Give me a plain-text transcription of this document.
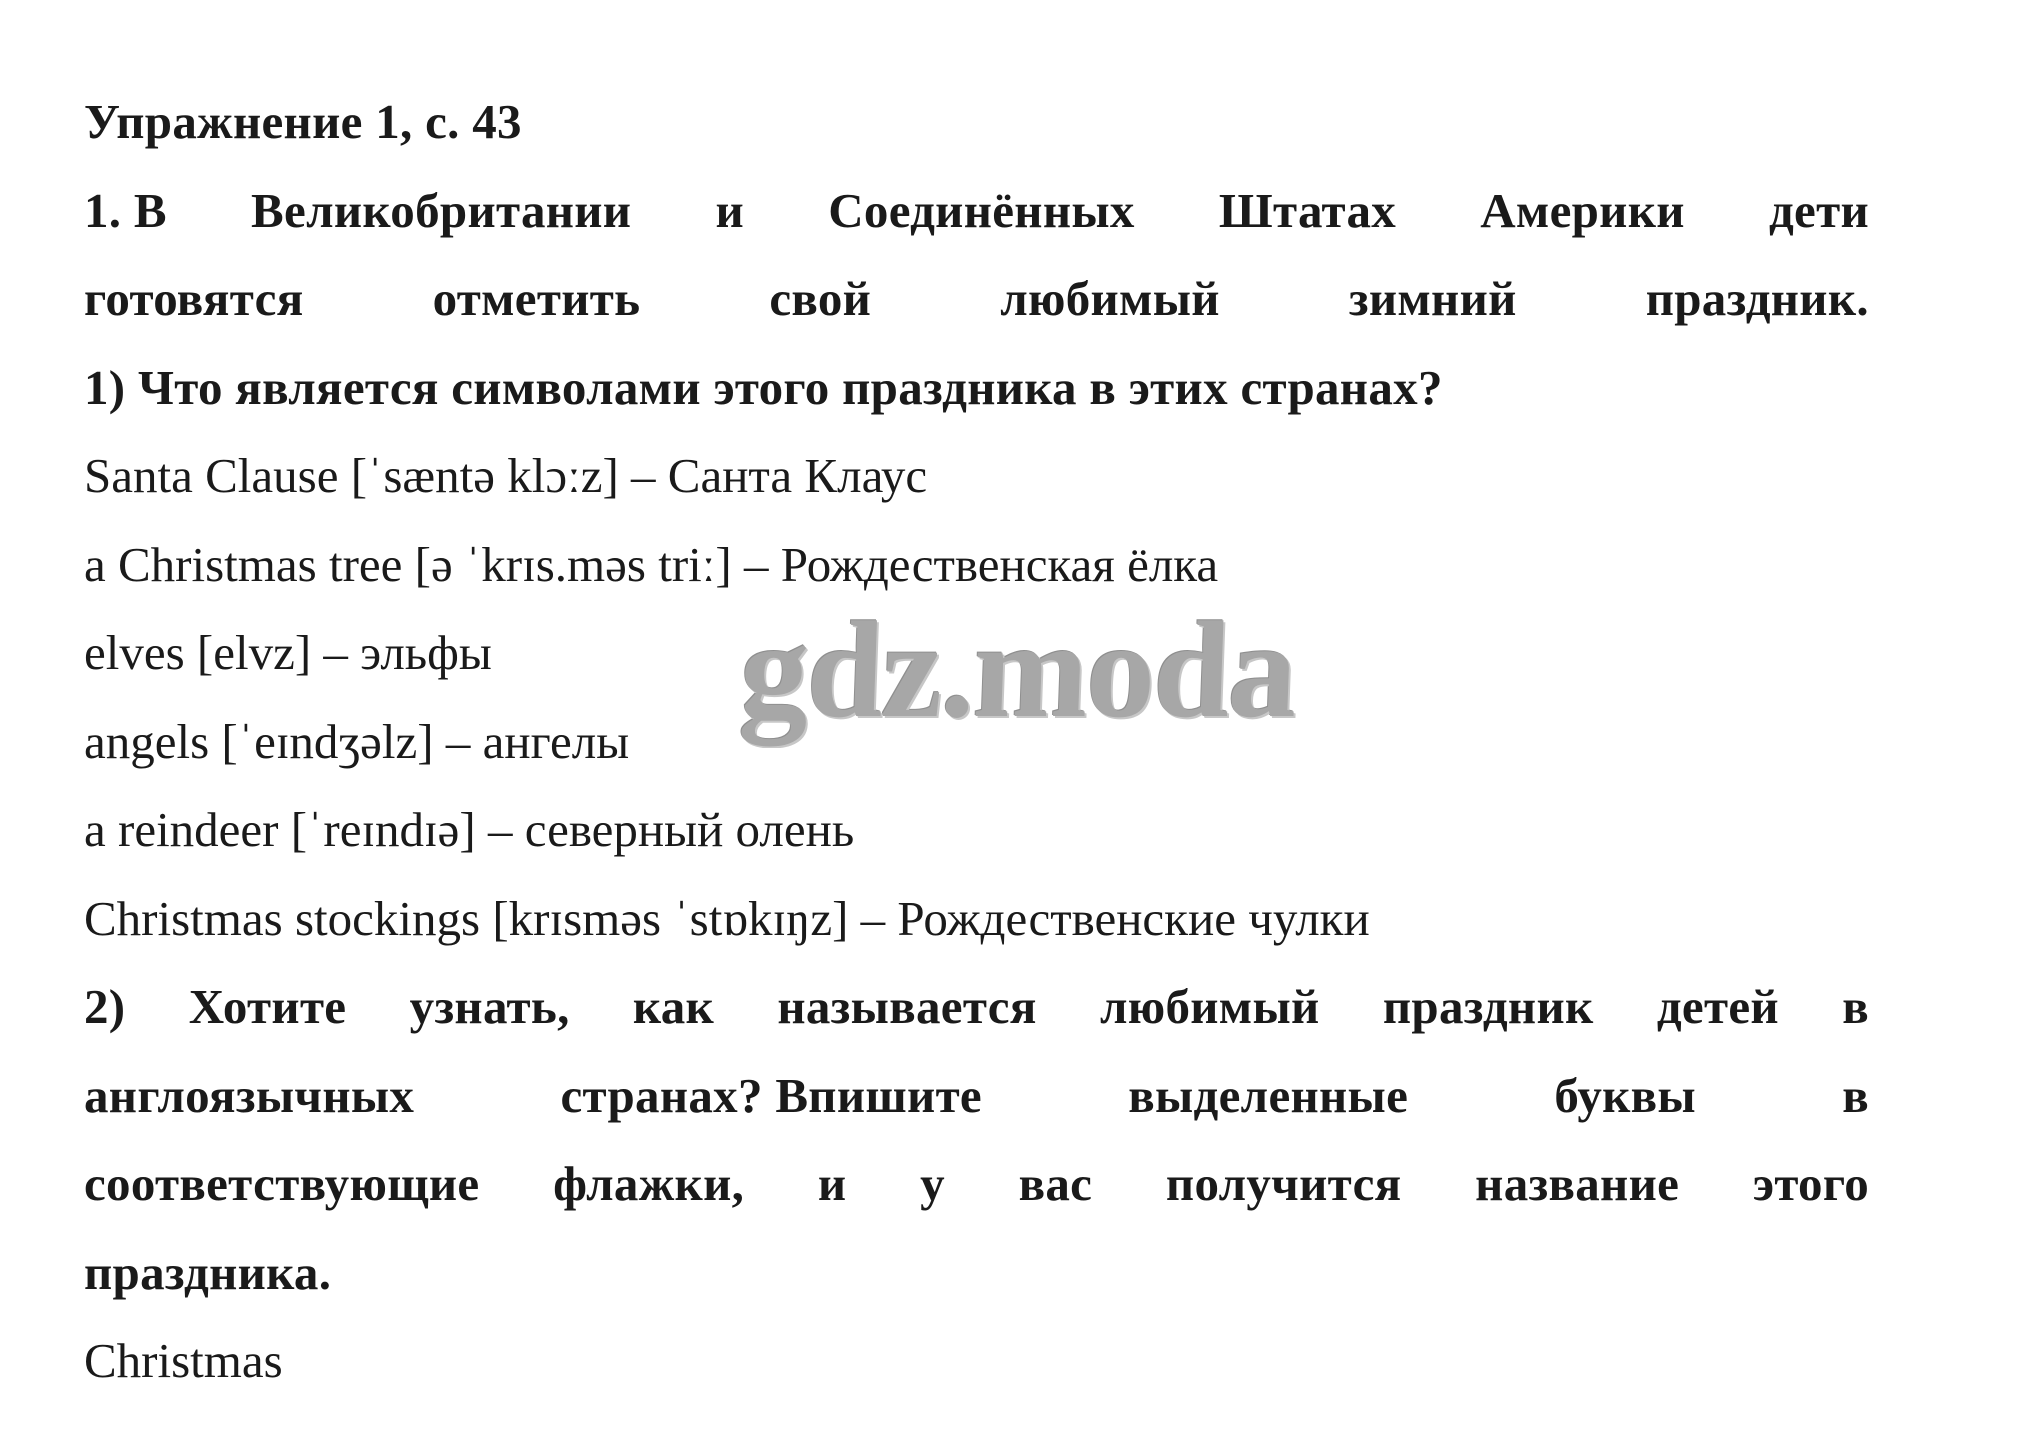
Упражнение 1, с. 43
1. В Великобритании и Соединённых Штатах Америки дети
готовятся	отметить	свой	любимый	зимний	праздник.
1) Что является символами этого праздника в этих странах?
Santa Clause [ˈsæntə klɔːz] – Санта Клаус
a Christmas tree [ə ˈkrɪs.məs triː] – Рождественская ёлка
elves [elvz] – эльфы
angels [ˈeɪndʒəlz] – ангелы
a reindeer [ˈreɪndɪə] – северный олень
Christmas stockings [krɪsməs ˈstɒkɪŋz] – Рождественские чулки
2) Хотите узнать, как называется любимый праздник детей в
англоязычных	странах? Впишите	выделенные	буквы	в
соответствующие флажки, и у вас получится название этого
праздника.
Christmas
gdz.moda
